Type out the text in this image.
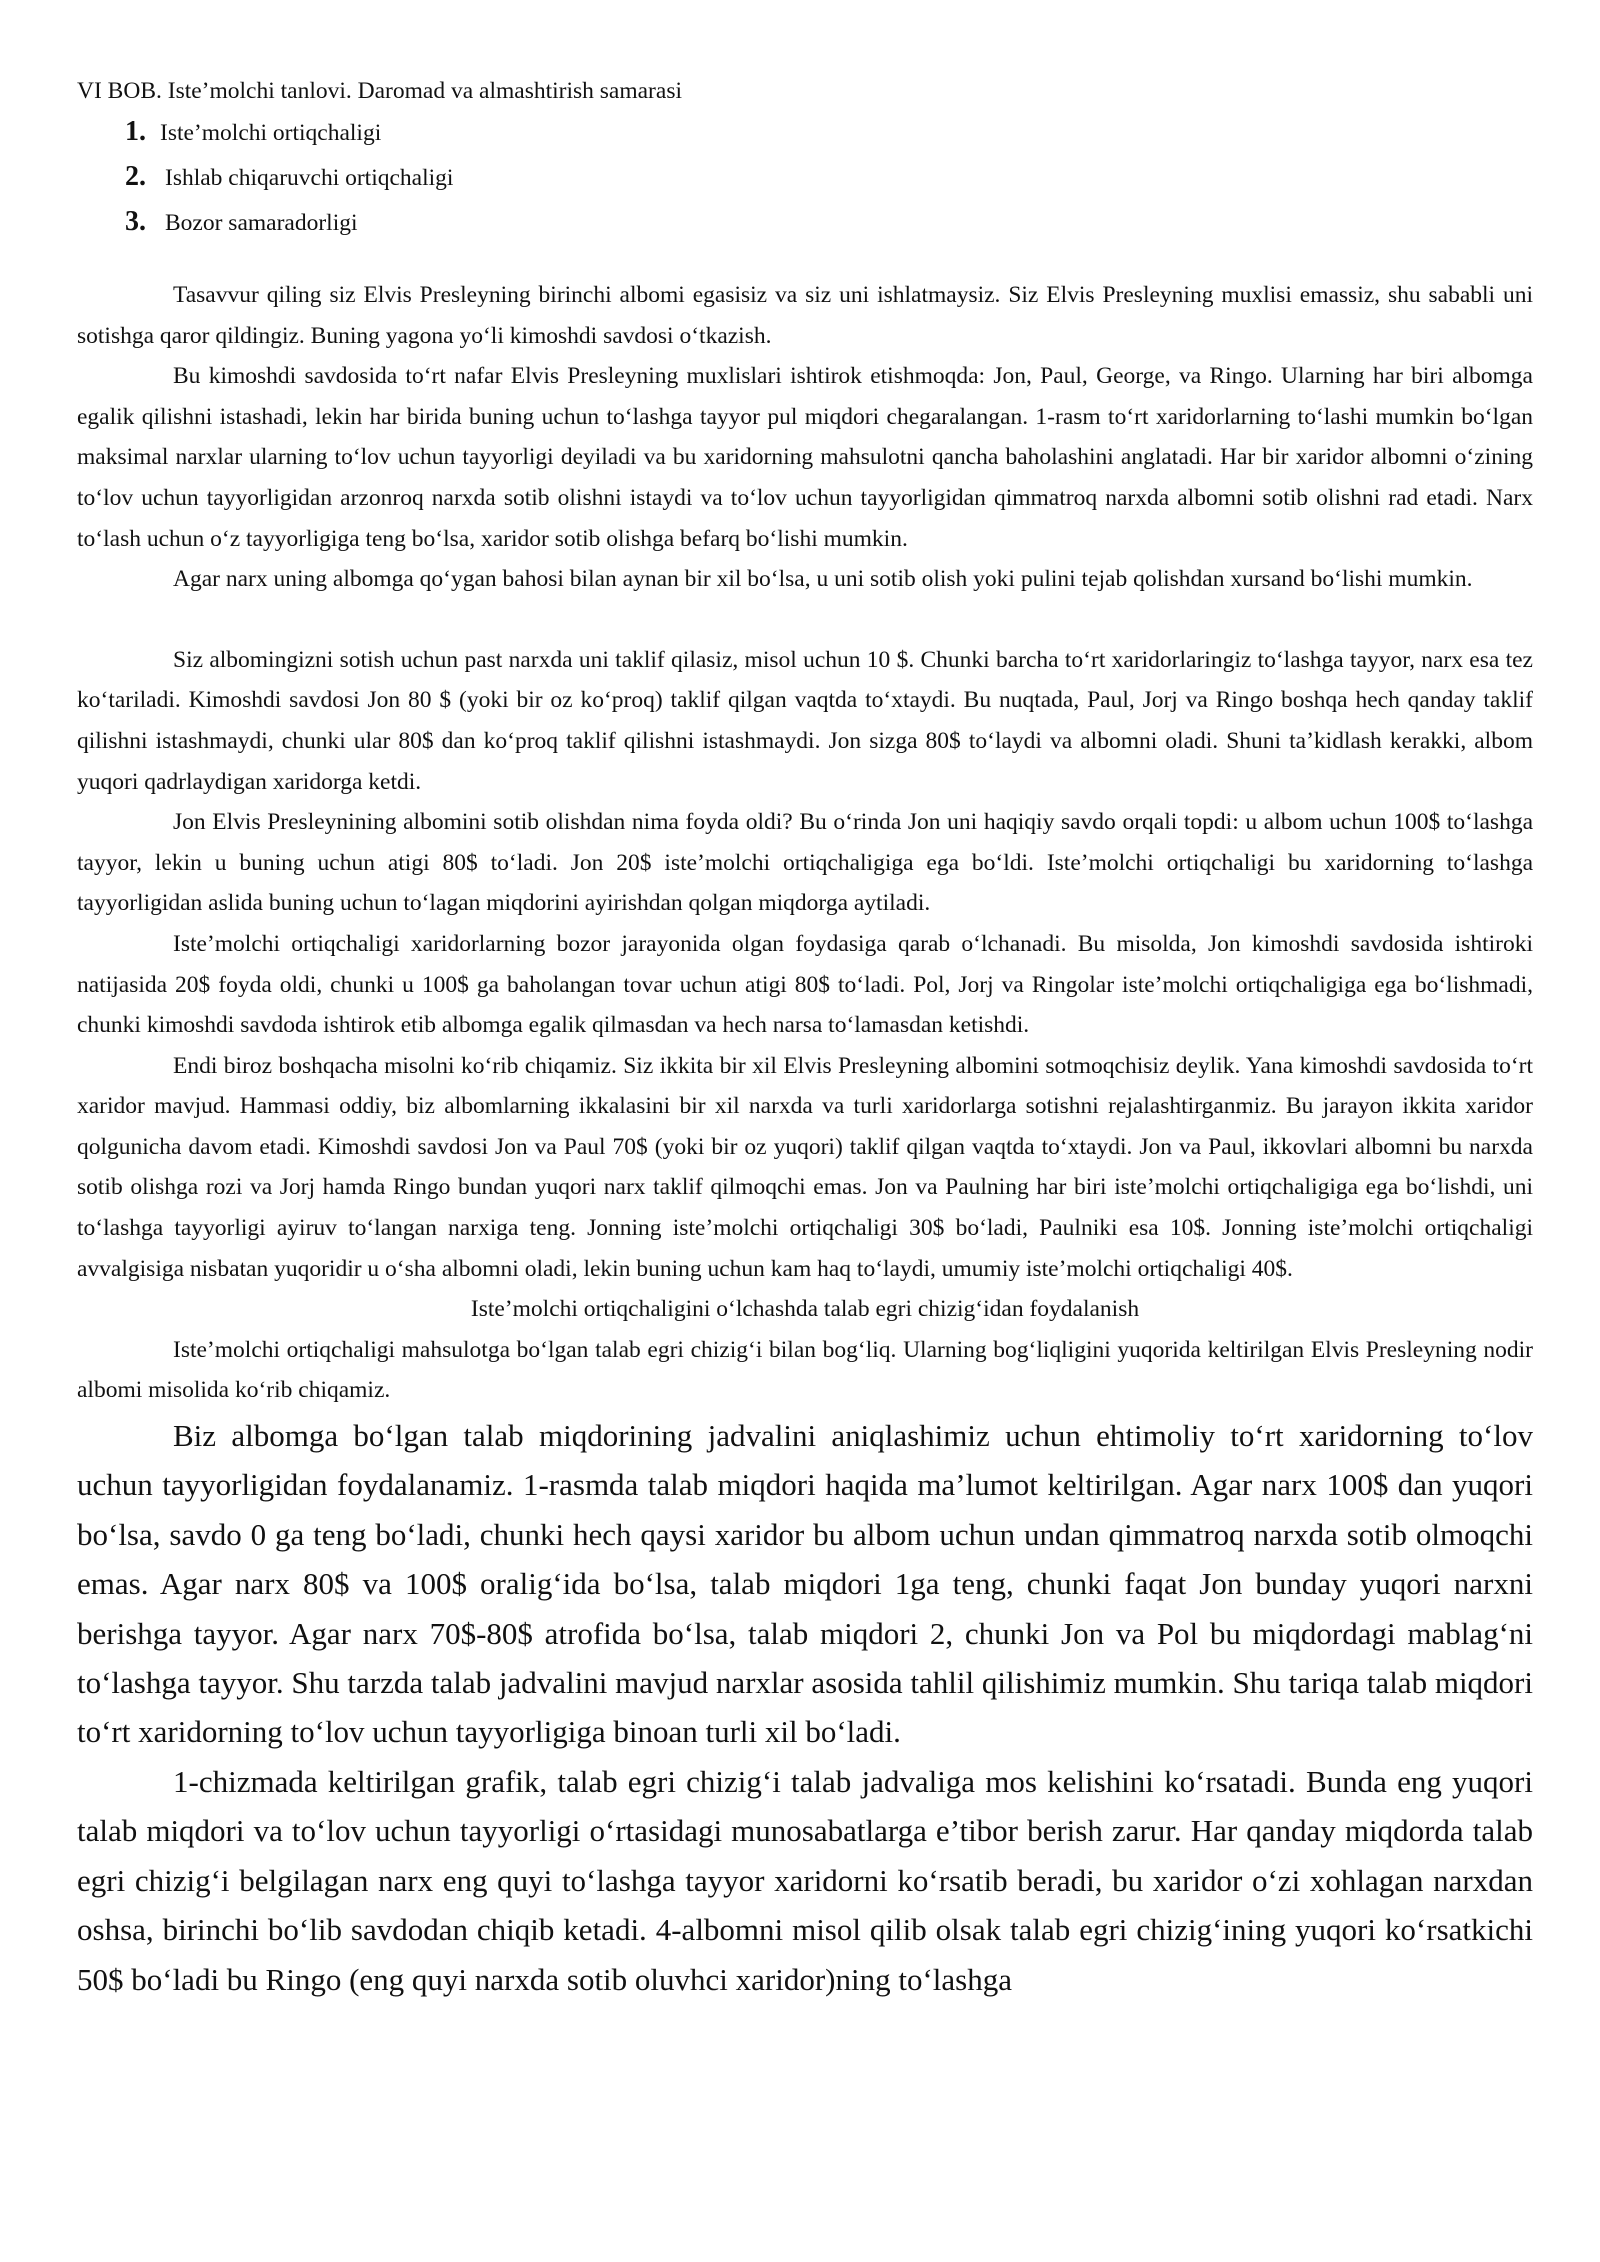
VI BOB. Iste’molchi tanlovi. Daromad va almashtirish samarasi
1. Iste’molchi ortiqchaligi
2. Ishlab chiqaruvchi ortiqchaligi
3. Bozor samaradorligi

Tasavvur qiling siz Elvis Presleyning birinchi albomi egasisiz va siz uni ishlatmaysiz. Siz Elvis Presleyning muxlisi emassiz, shu sababli uni sotishga qaror qildingiz. Buning yagona yo‘li kimoshdi savdosi o‘tkazish.

Bu kimoshdi savdosida to‘rt nafar Elvis Presleyning muxlislari ishtirok etishmoqda: Jon, Paul, George, va Ringo. Ularning har biri albomga egalik qilishni istashadi, lekin har birida buning uchun to‘lashga tayyor pul miqdori chegaralangan. 1-rasm to‘rt xaridorlarning to‘lashi mumkin bo‘lgan maksimal narxlar ularning to‘lov uchun tayyorligi deyiladi va bu xaridorning mahsulotni qancha baholashini anglatadi. Har bir xaridor albomni o‘zining to‘lov uchun tayyorligidan arzonroq narxda sotib olishni istaydi va to‘lov uchun tayyorligidan qimmatroq narxda albomni sotib olishni rad etadi. Narx to‘lash uchun o‘z tayyorligiga teng bo‘lsa, xaridor sotib olishga befarq bo‘lishi mumkin.

Agar narx uning albomga qo‘ygan bahosi bilan aynan bir xil bo‘lsa, u uni sotib olish yoki pulini tejab qolishdan xursand bo‘lishi mumkin.

Siz albomingizni sotish uchun past narxda uni taklif qilasiz, misol uchun 10 $. Chunki barcha to‘rt xaridorlaringiz to‘lashga tayyor, narx esa tez ko‘tariladi. Kimoshdi savdosi Jon 80 $ (yoki bir oz ko‘proq) taklif qilgan vaqtda to‘xtaydi. Bu nuqtada, Paul, Jorj va Ringo boshqa hech qanday taklif qilishni istashmaydi, chunki ular 80$ dan ko‘proq taklif qilishni istashmaydi. Jon sizga 80$ to‘laydi va albomni oladi. Shuni ta’kidlash kerakki, albom yuqori qadrlaydigan xaridorga ketdi.

Jon Elvis Presleynining albomini sotib olishdan nima foyda oldi? Bu o‘rinda Jon uni haqiqiy savdo orqali topdi: u albom uchun 100$ to‘lashga tayyor, lekin u buning uchun atigi 80$ to‘ladi. Jon 20$ iste’molchi ortiqchaligiga ega bo‘ldi. Iste’molchi ortiqchaligi bu xaridorning to‘lashga tayyorligidan aslida buning uchun to‘lagan miqdorini ayirishdan qolgan miqdorga aytiladi.

Iste’molchi ortiqchaligi xaridorlarning bozor jarayonida olgan foydasiga qarab o‘lchanadi. Bu misolda, Jon kimoshdi savdosida ishtiroki natijasida 20$ foyda oldi, chunki u 100$ ga baholangan tovar uchun atigi 80$ to‘ladi. Pol, Jorj va Ringolar iste’molchi ortiqchaligiga ega bo‘lishmadi, chunki kimoshdi savdoda ishtirok etib albomga egalik qilmasdan va hech narsa to‘lamasdan ketishdi.

Endi biroz boshqacha misolni ko‘rib chiqamiz. Siz ikkita bir xil Elvis Presleyning albomini sotmoqchisiz deylik. Yana kimoshdi savdosida to‘rt xaridor mavjud. Hammasi oddiy, biz albomlarning ikkalasini bir xil narxda va turli xaridorlarga sotishni rejalashtirganmiz. Bu jarayon ikkita xaridor qolgunicha davom etadi. Kimoshdi savdosi Jon va Paul 70$ (yoki bir oz yuqori) taklif qilgan vaqtda to‘xtaydi. Jon va Paul, ikkovlari albomni bu narxda sotib olishga rozi va Jorj hamda Ringo bundan yuqori narx taklif qilmoqchi emas. Jon va Paulning har biri iste’molchi ortiqchaligiga ega bo‘lishdi, uni to‘lashga tayyorligi ayiruv to‘langan narxiga teng. Jonning iste’molchi ortiqchaligi 30$ bo‘ladi, Paulniki esa 10$. Jonning iste’molchi ortiqchaligi avvalgisiga nisbatan yuqoridir u o‘sha albomni oladi, lekin buning uchun kam haq to‘laydi, umumiy iste’molchi ortiqchaligi 40$.

Iste’molchi ortiqchaligini o‘lchashda talab egri chizig‘idan foydalanish

Iste’molchi ortiqchaligi mahsulotga bo‘lgan talab egri chizig‘i bilan bog‘liq. Ularning bog‘liqligini yuqorida keltirilgan Elvis Presleyning nodir albomi misolida ko‘rib chiqamiz.

Biz albomga bo‘lgan talab miqdorining jadvalini aniqlashimiz uchun ehtimoliy to‘rt xaridorning to‘lov uchun tayyorligidan foydalanamiz. 1-rasmda talab miqdori haqida ma’lumot keltirilgan. Agar narx 100$ dan yuqori bo‘lsa, savdo 0 ga teng bo‘ladi, chunki hech qaysi xaridor bu albom uchun undan qimmatroq narxda sotib olmoqchi emas. Agar narx 80$ va 100$ oralig‘ida bo‘lsa, talab miqdori 1ga teng, chunki faqat Jon bunday yuqori narxni berishga tayyor. Agar narx 70$-80$ atrofida bo‘lsa, talab miqdori 2, chunki Jon va Pol bu miqdordagi mablag‘ni to‘lashga tayyor. Shu tarzda talab jadvalini mavjud narxlar asosida tahlil qilishimiz mumkin. Shu tariqa talab miqdori to‘rt xaridorning to‘lov uchun tayyorligiga binoan turli xil bo‘ladi.

1-chizmada keltirilgan grafik, talab egri chizig‘i talab jadvaliga mos kelishini ko‘rsatadi. Bunda eng yuqori talab miqdori va to‘lov uchun tayyorligi o‘rtasidagi munosabatlarga e’tibor berish zarur. Har qanday miqdorda talab egri chizig‘i belgilagan narx eng quyi to‘lashga tayyor xaridorni ko‘rsatib beradi, bu xaridor o‘zi xohlagan narxdan oshsa, birinchi bo‘lib savdodan chiqib ketadi. 4-albomni misol qilib olsak talab egri chizig‘ining yuqori ko‘rsatkichi 50$ bo‘ladi bu Ringo (eng quyi narxda sotib oluvhci xaridor)ning to‘lashga
